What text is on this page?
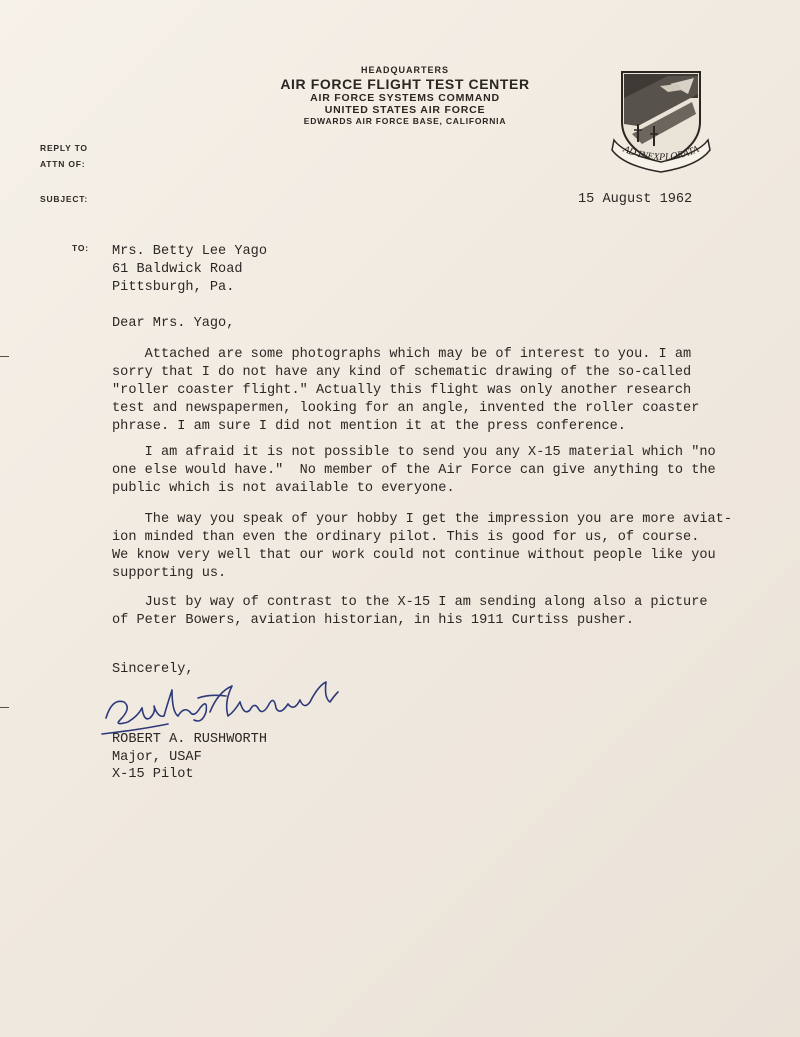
HEADQUARTERS
AIR FORCE FLIGHT TEST CENTER
AIR FORCE SYSTEMS COMMAND
UNITED STATES AIR FORCE
EDWARDS AIR FORCE BASE, CALIFORNIA
AD INEXPLORATA
REPLY TO
ATTN OF:
SUBJECT:
TO:
15 August 1962
Mrs. Betty Lee Yago
61 Baldwick Road
Pittsburgh, Pa.
Dear Mrs. Yago,
Attached are some photographs which may be of interest to you. I am
sorry that I do not have any kind of schematic drawing of the so-called
"roller coaster flight." Actually this flight was only another research
test and newspapermen, looking for an angle, invented the roller coaster
phrase. I am sure I did not mention it at the press conference.
I am afraid it is not possible to send you any X-15 material which "no
one else would have."  No member of the Air Force can give anything to the
public which is not available to everyone.
The way you speak of your hobby I get the impression you are more aviat-
ion minded than even the ordinary pilot. This is good for us, of course.
We know very well that our work could not continue without people like you
supporting us.
Just by way of contrast to the X-15 I am sending along also a picture
of Peter Bowers, aviation historian, in his 1911 Curtiss pusher.
Sincerely,
ROBERT A. RUSHWORTH
Major, USAF
X-15 Pilot
